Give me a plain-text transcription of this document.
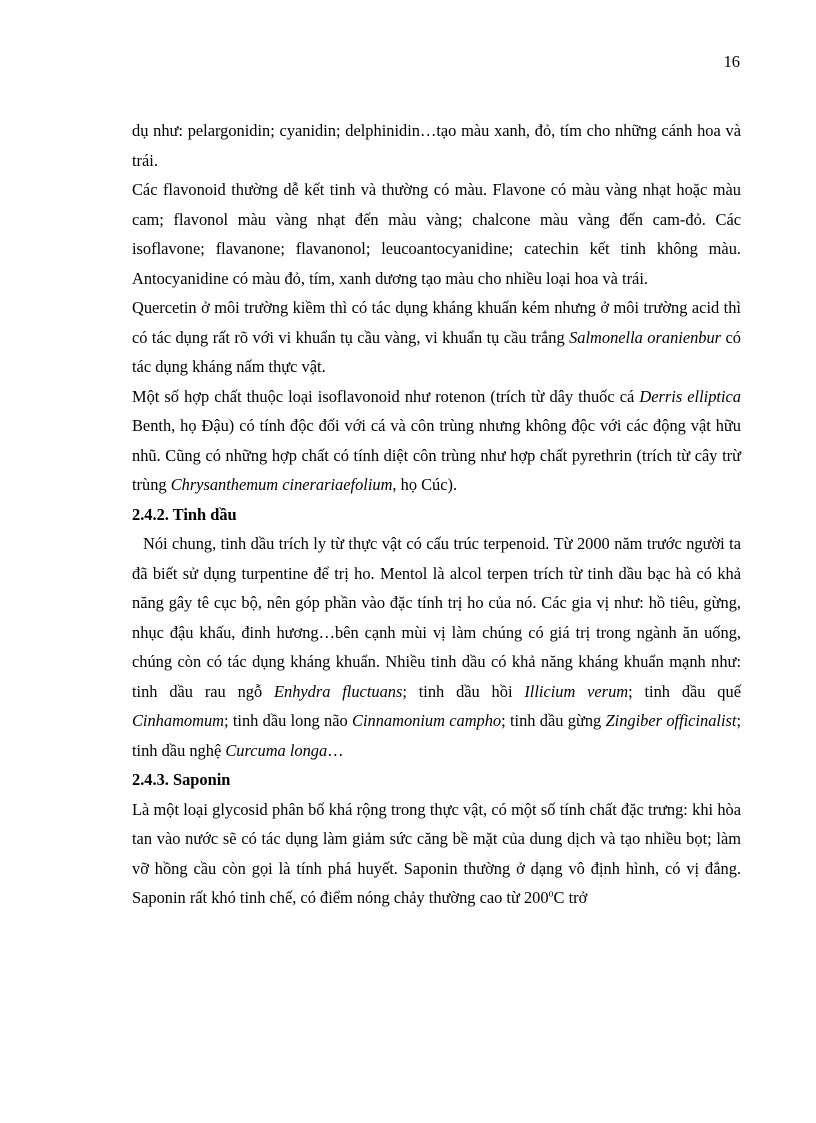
16

dụ như: pelargonidin; cyanidin; delphinidin…tạo màu xanh, đỏ, tím cho những cánh hoa và trái.

Các flavonoid thường dễ kết tinh và thường có màu. Flavone có màu vàng nhạt hoặc màu cam; flavonol màu vàng nhạt đến màu vàng; chalcone màu vàng đến cam-đỏ. Các isoflavone; flavanone; flavanonol; leucoantocyanidine; catechin kết tinh không màu. Antocyanidine có màu đỏ, tím, xanh dương tạo màu cho nhiều loại hoa và trái.

Quercetin ở môi trường kiềm thì có tác dụng kháng khuẩn kém nhưng ở môi trường acid thì có tác dụng rất rõ với vi khuẩn tụ cầu vàng, vi khuẩn tụ cầu trắng Salmonella oranienbur có tác dụng kháng nấm thực vật.

Một số hợp chất thuộc loại isoflavonoid như rotenon (trích từ dây thuốc cá Derris elliptica Benth, họ Đậu) có tính độc đối với cá và côn trùng nhưng không độc với các động vật hữu nhũ. Cũng có những hợp chất có tính diệt côn trùng như hợp chất pyrethrin (trích từ cây trừ trùng Chrysanthemum cinerariaefolium, họ Cúc).

2.4.2. Tinh dầu

Nói chung, tinh dầu trích ly từ thực vật có cấu trúc terpenoid. Từ 2000 năm trước người ta đã biết sử dụng turpentine để trị ho. Mentol là alcol terpen trích từ tinh dầu bạc hà có khả năng gây tê cục bộ, nên góp phần vào đặc tính trị ho của nó. Các gia vị như: hồ tiêu, gừng, nhục đậu khấu, đinh hương…bên cạnh mùi vị làm chúng có giá trị trong ngành ăn uống, chúng còn có tác dụng kháng khuẩn. Nhiều tinh dầu có khả năng kháng khuẩn mạnh như: tinh dầu rau ngỗ Enhydra fluctuans; tinh dầu hồi Illicium verum; tinh dầu quế Cinhamomum; tinh dầu long não Cinnamonium campho; tinh dầu gừng Zingiber officinalist; tinh dầu nghệ Curcuma longa…

2.4.3. Saponin

Là một loại glycosid phân bố khá rộng trong thực vật, có một số tính chất đặc trưng: khi hòa tan vào nước sẽ có tác dụng làm giảm sức căng bề mặt của dung dịch và tạo nhiều bọt; làm vỡ hồng cầu còn gọi là tính phá huyết. Saponin thường ở dạng vô định hình, có vị đắng. Saponin rất khó tinh chế, có điểm nóng chảy thường cao từ 200$^o$C trở
